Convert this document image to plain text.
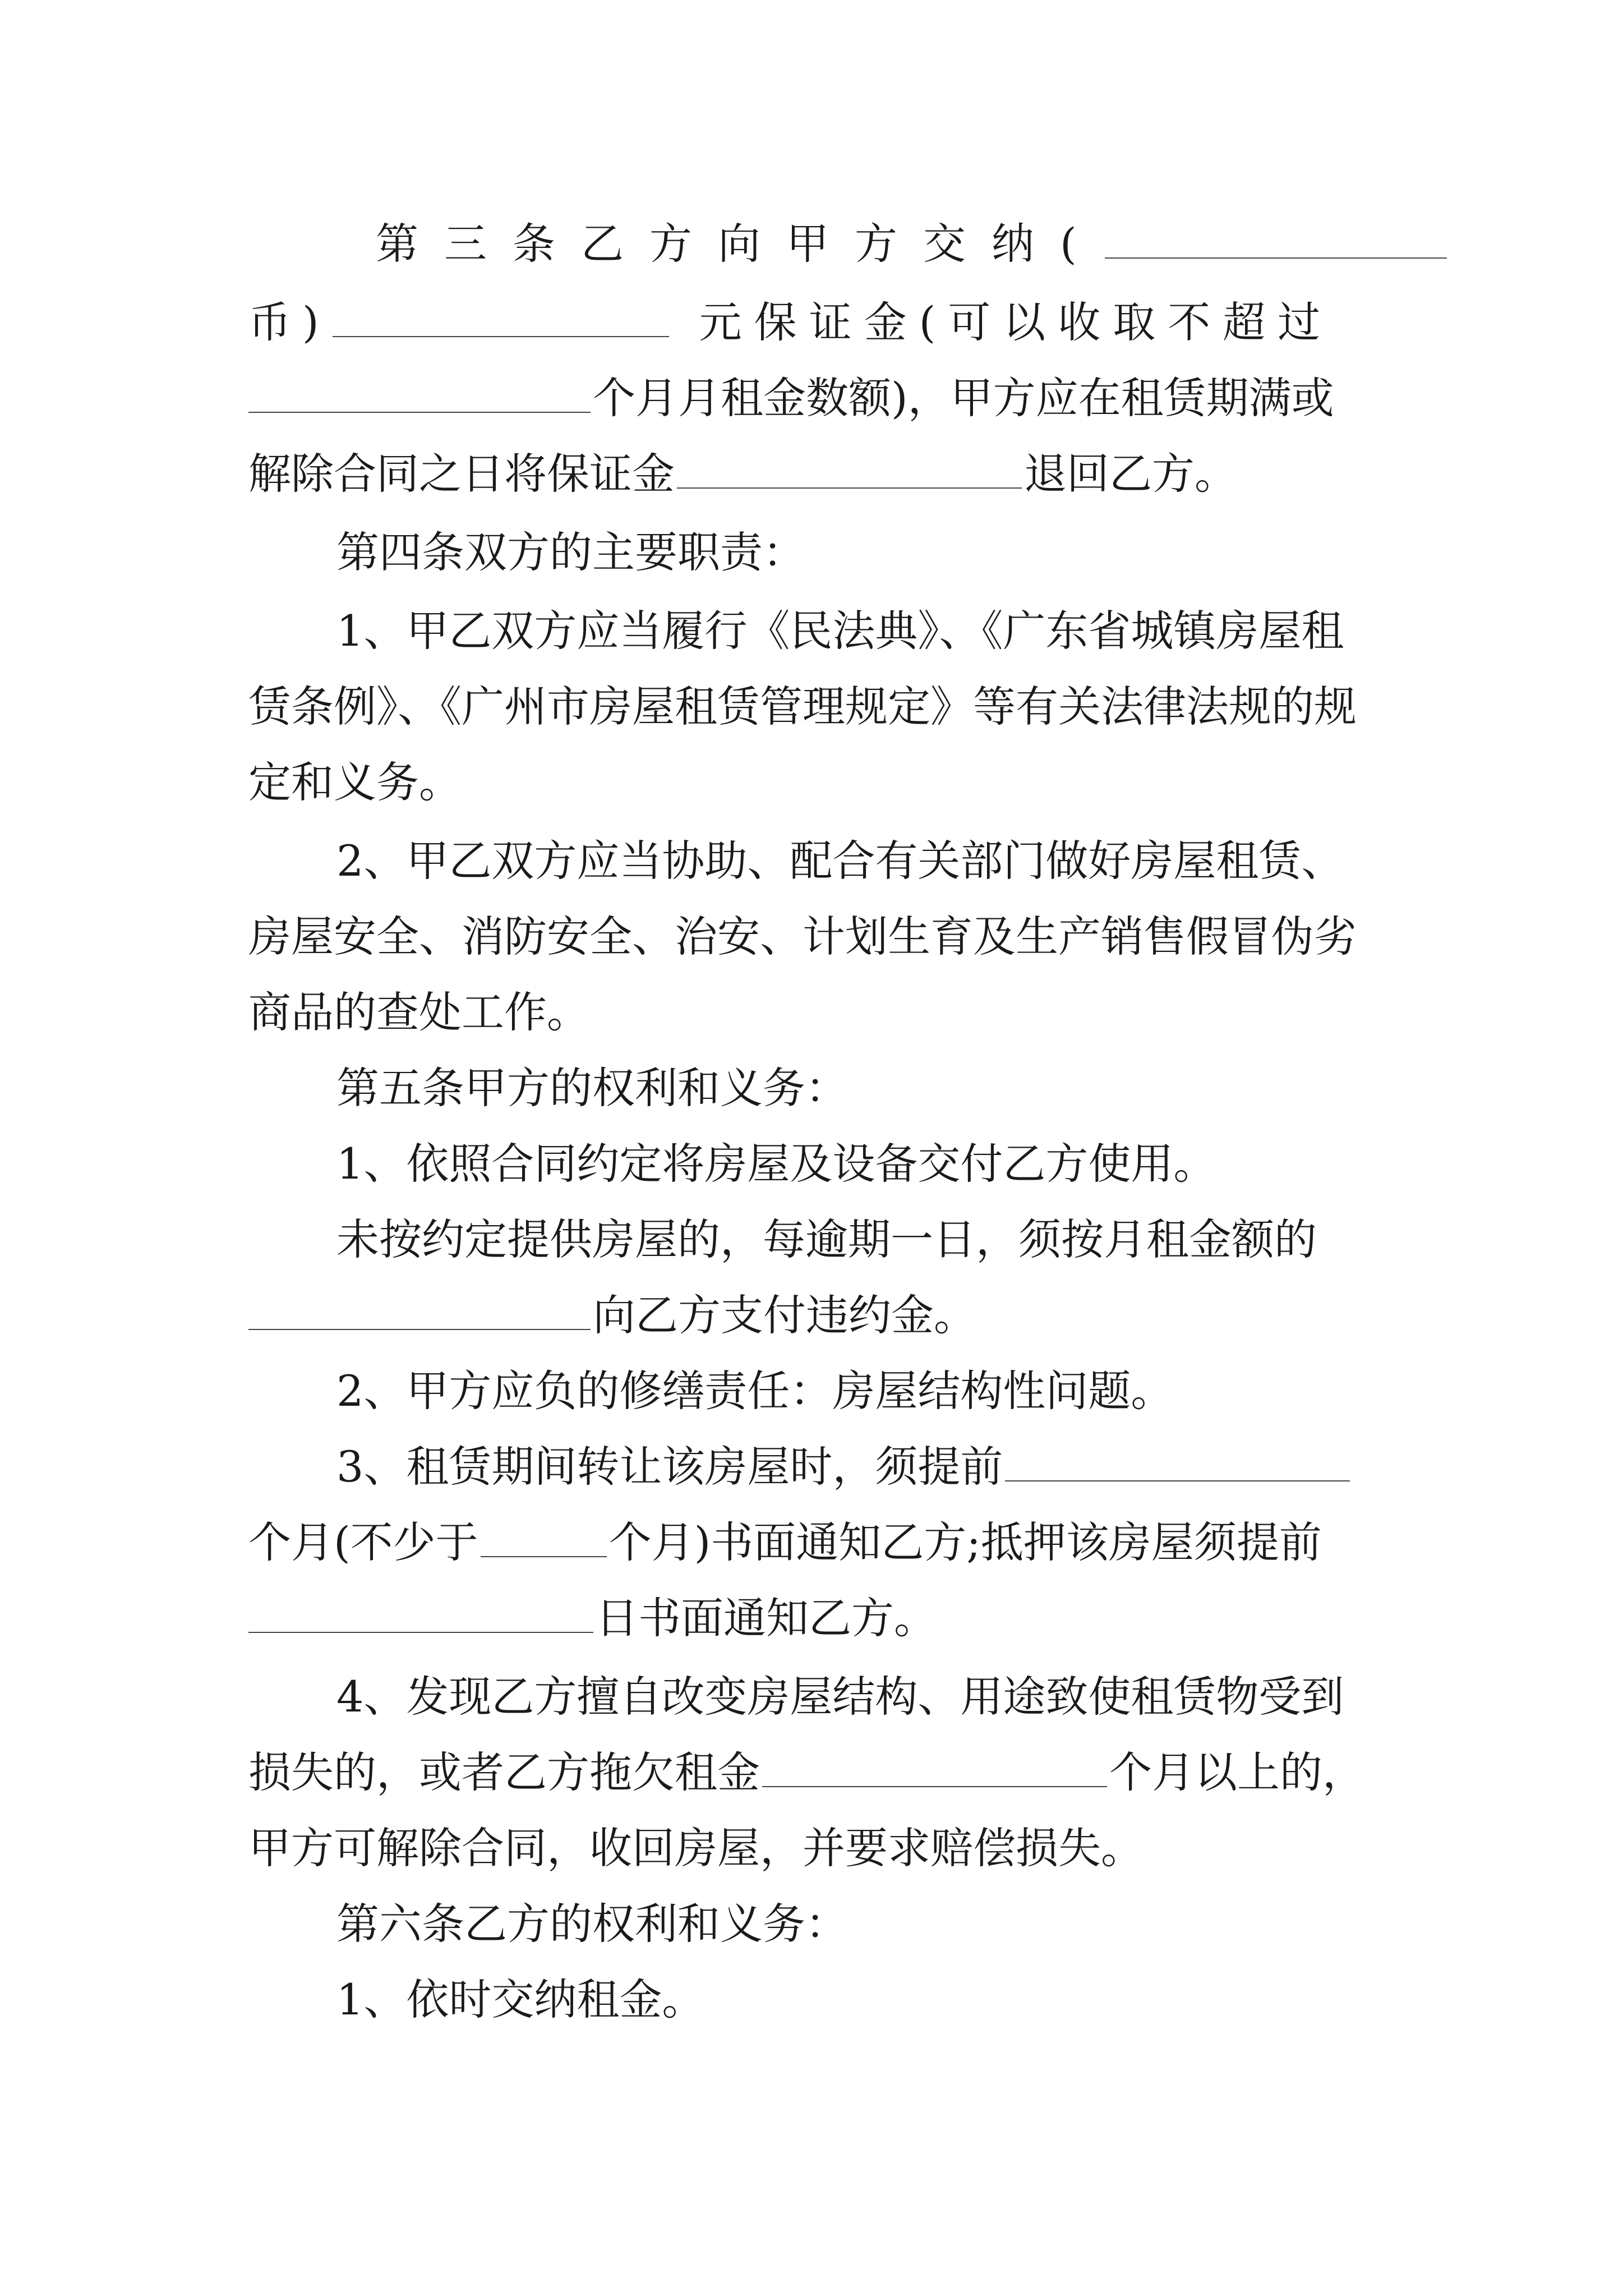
第三条乙方向甲方交纳(
币)	元保证金(可以收取不超过
个月月租金数额)，甲方应在租赁期满或
解除合同之日将保证金	退回乙方。
第四条双方的主要职责：
1、甲乙双方应当履行《民法典》、《广东省城镇房屋租
赁条例》、《广州市房屋租赁管理规定》等有关法律法规的规
定和义务。
2、甲乙双方应当协助、配合有关部门做好房屋租赁、
房屋安全、消防安全、治安、计划生育及生产销售假冒伪劣
商品的查处工作。
第五条甲方的权利和义务：
1、依照合同约定将房屋及设备交付乙方使用。
未按约定提供房屋的，每逾期一日，须按月租金额的
向乙方支付违约金。
2、甲方应负的修缮责任：房屋结构性问题。
3、租赁期间转让该房屋时，须提前
个月(不少于	个月)书面通知乙方;抵押该房屋须提前
日书面通知乙方。
4、发现乙方擅自改变房屋结构、用途致使租赁物受到
损失的，或者乙方拖欠租金	个月以上的，
甲方可解除合同，收回房屋，并要求赔偿损失。
第六条乙方的权利和义务：
1、依时交纳租金。
